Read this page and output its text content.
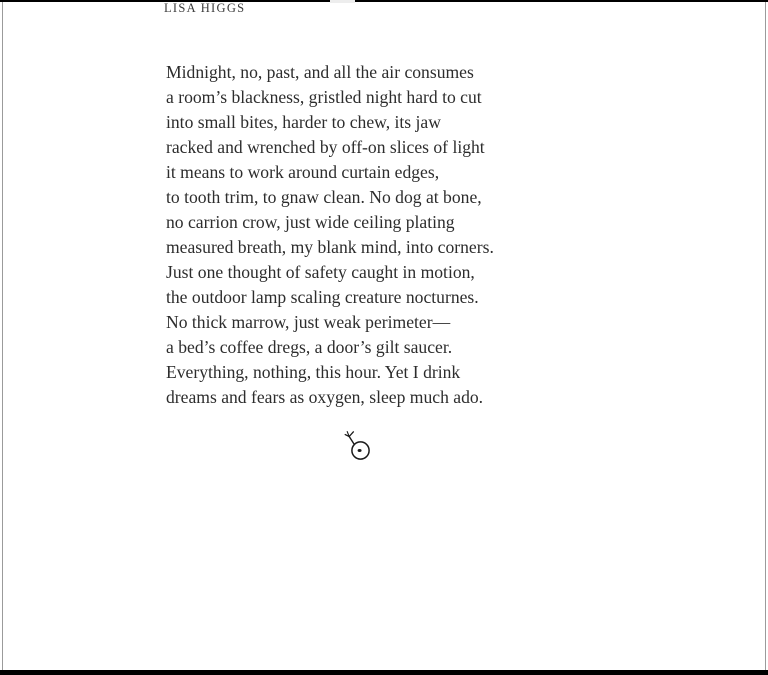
LISA HIGGS
Midnight, no, past, and all the air consumes
a room’s blackness, gristled night hard to cut
into small bites, harder to chew, its jaw
racked and wrenched by off-on slices of light
it means to work around curtain edges,
to tooth trim, to gnaw clean. No dog at bone,
no carrion crow, just wide ceiling plating
measured breath, my blank mind, into corners.
Just one thought of safety caught in motion,
the outdoor lamp scaling creature nocturnes.
No thick marrow, just weak perimeter—
a bed’s coffee dregs, a door’s gilt saucer.
Everything, nothing, this hour. Yet I drink
dreams and fears as oxygen, sleep much ado.
